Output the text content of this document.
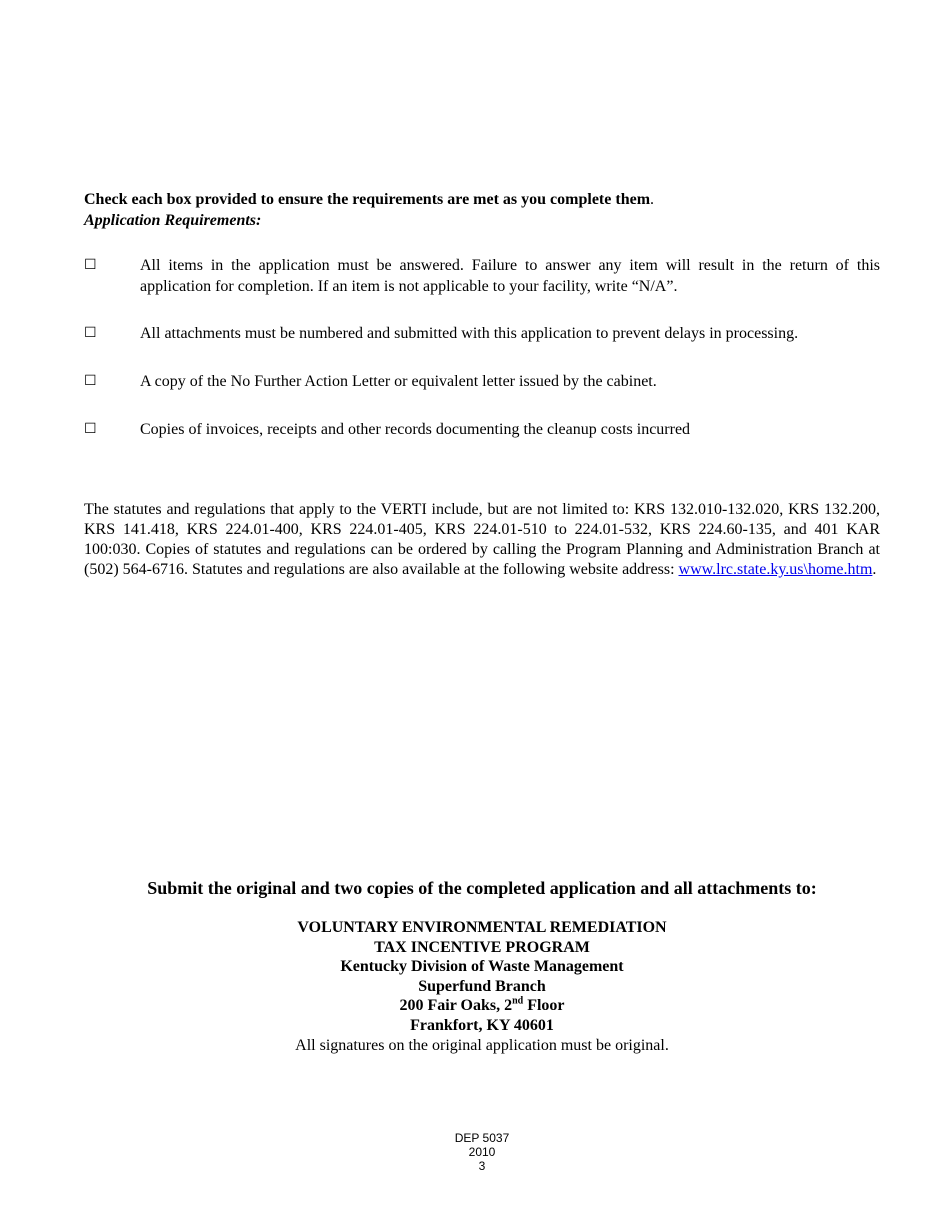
Check each box provided to ensure the requirements are met as you complete them.
Application Requirements:
☐	All items in the application must be answered. Failure to answer any item will result in the return of this application for completion. If an item is not applicable to your facility, write “N/A”.
☐	All attachments must be numbered and submitted with this application to prevent delays in processing.
☐	A copy of the No Further Action Letter or equivalent letter issued by the cabinet.
☐	Copies of invoices, receipts and other records documenting the cleanup costs incurred
The statutes and regulations that apply to the VERTI include, but are not limited to: KRS 132.010-132.020, KRS 132.200, KRS 141.418, KRS 224.01-400, KRS 224.01-405, KRS 224.01-510 to 224.01-532, KRS 224.60-135, and 401 KAR 100:030. Copies of statutes and regulations can be ordered by calling the Program Planning and Administration Branch at (502) 564-6716. Statutes and regulations are also available at the following website address: www.lrc.state.ky.us\home.htm.
Submit the original and two copies of the completed application and all attachments to:
VOLUNTARY ENVIRONMENTAL REMEDIATION
TAX INCENTIVE PROGRAM
Kentucky Division of Waste Management
Superfund Branch
200 Fair Oaks, 2nd Floor
Frankfort, KY 40601
All signatures on the original application must be original.
DEP 5037
2010
3
